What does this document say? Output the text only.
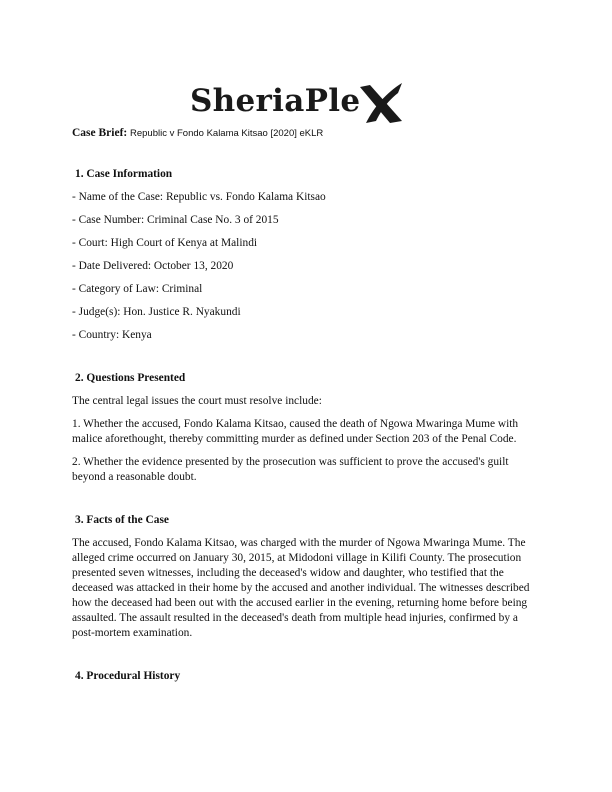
SheriaPle
Case Brief: Republic v Fondo Kalama Kitsao [2020] eKLR
1. Case Information
- Name of the Case: Republic vs. Fondo Kalama Kitsao
- Case Number: Criminal Case No. 3 of 2015
- Court: High Court of Kenya at Malindi
- Date Delivered: October 13, 2020
- Category of Law: Criminal
- Judge(s): Hon. Justice R. Nyakundi
- Country: Kenya
2. Questions Presented

The central legal issues the court must resolve include:

1. Whether the accused, Fondo Kalama Kitsao, caused the death of Ngowa Mwaringa Mume with malice aforethought, thereby committing murder as defined under Section 203 of the Penal Code.

2. Whether the evidence presented by the prosecution was sufficient to prove the accused's guilt beyond a reasonable doubt.

3. Facts of the Case

The accused, Fondo Kalama Kitsao, was charged with the murder of Ngowa Mwaringa Mume. The alleged crime occurred on January 30, 2015, at Midodoni village in Kilifi County. The prosecution presented seven witnesses, including the deceased's widow and daughter, who testified that the deceased was attacked in their home by the accused and another individual. The witnesses described how the deceased had been out with the accused earlier in the evening, returning home before being assaulted. The assault resulted in the deceased's death from multiple head injuries, confirmed by a post-mortem examination.

4. Procedural History
